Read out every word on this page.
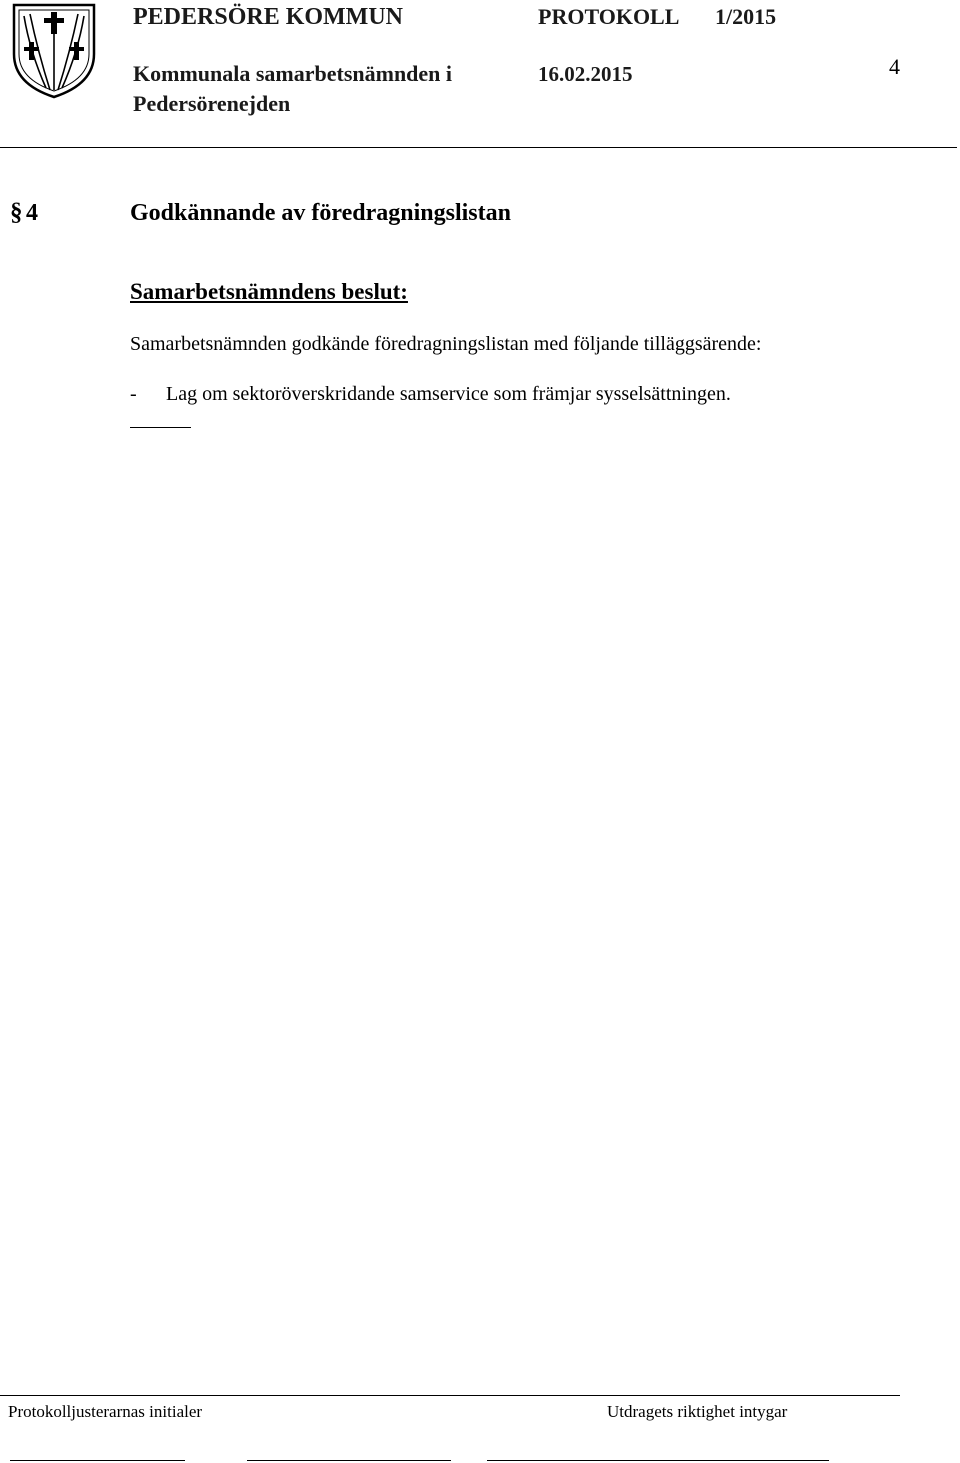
PEDERSÖRE KOMMUN	PROTOKOLL 1/2015
Kommunala samarbetsnämnden i	16.02.2015
Pedersörenejden
4
§ 4	Godkännande av föredragningslistan
Samarbetsnämndens beslut:
Samarbetsnämnden godkände föredragningslistan med följande tilläggsärende:
- Lag om sektoröverskridande samservice som främjar sysselsättningen.
Protokolljusterarnas initialer	Utdragets riktighet intygar
